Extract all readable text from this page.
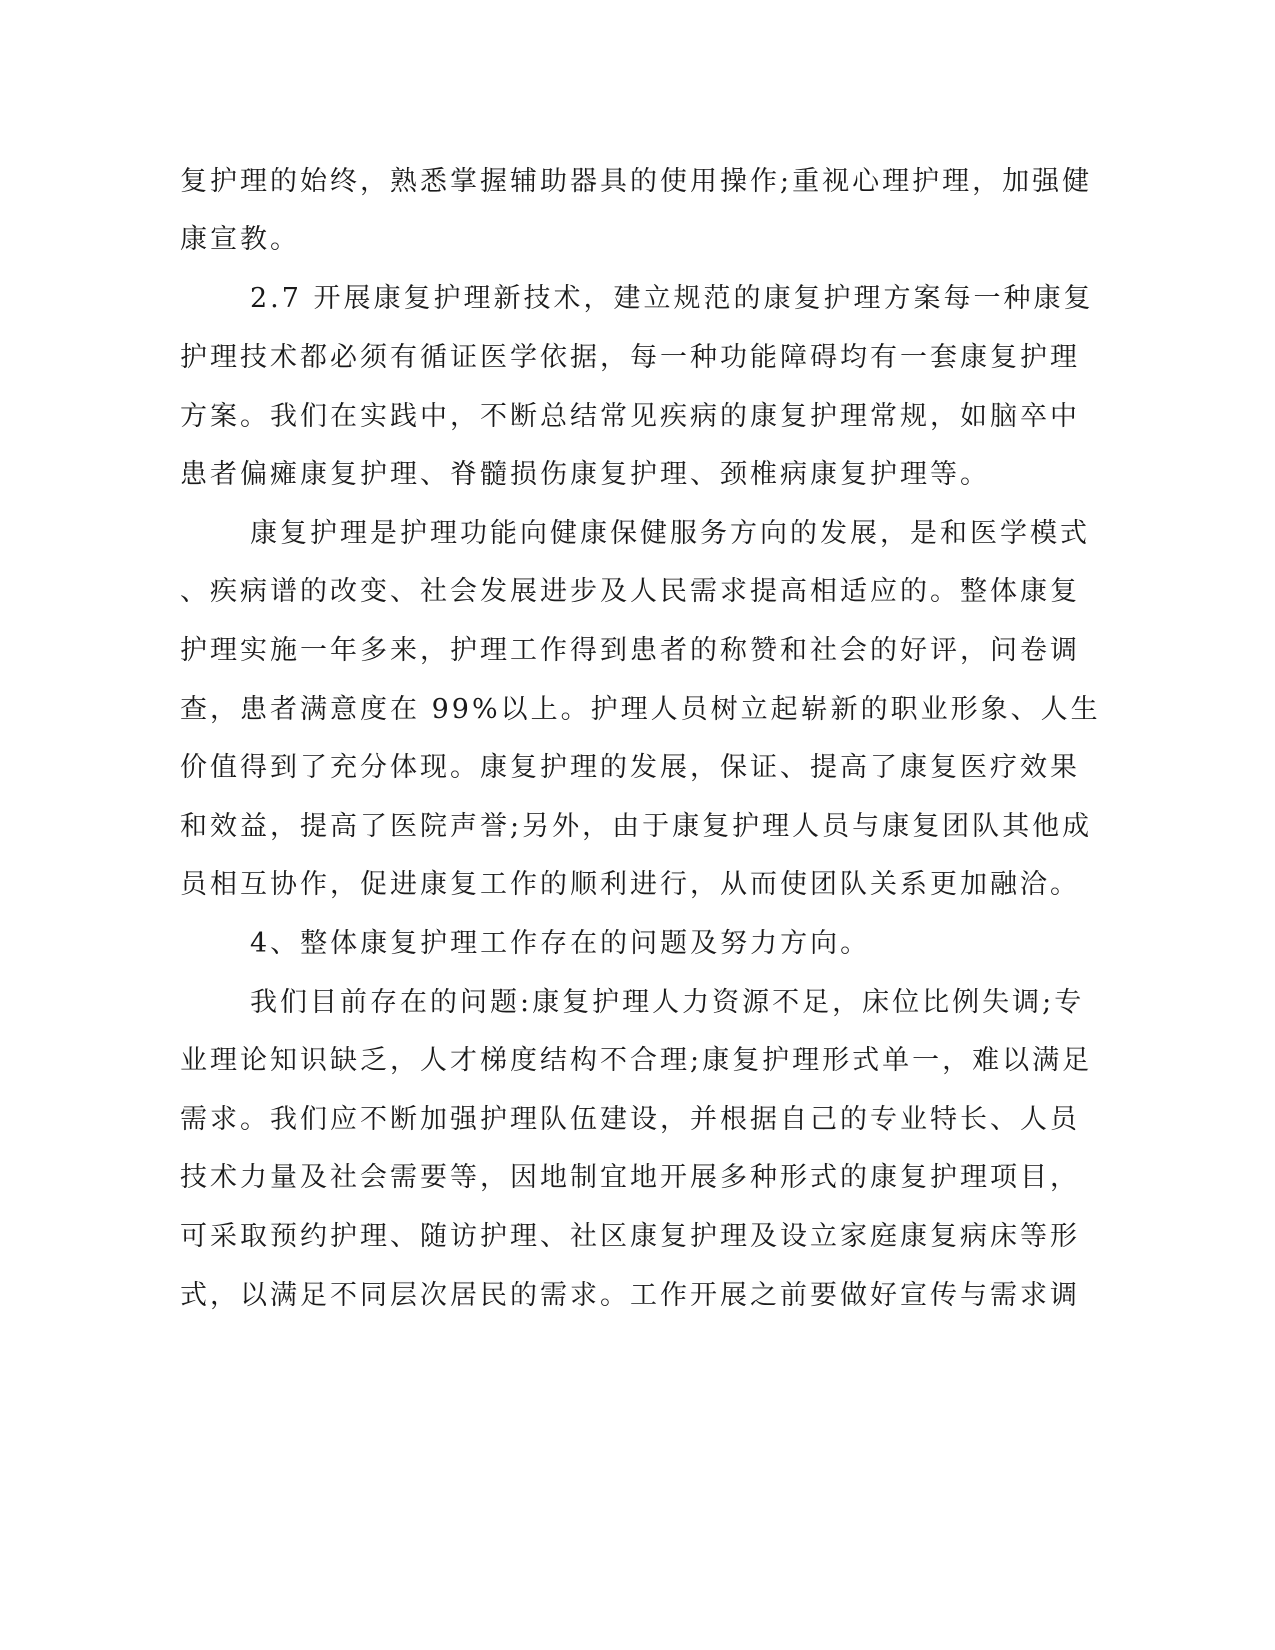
复护理的始终，熟悉掌握辅助器具的使用操作;重视心理护理，加强健
康宣教。
2.7 开展康复护理新技术，建立规范的康复护理方案每一种康复
护理技术都必须有循证医学依据，每一种功能障碍均有一套康复护理
方案。我们在实践中，不断总结常见疾病的康复护理常规，如脑卒中
患者偏瘫康复护理、脊髓损伤康复护理、颈椎病康复护理等。
康复护理是护理功能向健康保健服务方向的发展，是和医学模式
、疾病谱的改变、社会发展进步及人民需求提高相适应的。整体康复
护理实施一年多来，护理工作得到患者的称赞和社会的好评，问卷调
查，患者满意度在 99%以上。护理人员树立起崭新的职业形象、人生
价值得到了充分体现。康复护理的发展，保证、提高了康复医疗效果
和效益，提高了医院声誉;另外，由于康复护理人员与康复团队其他成
员相互协作，促进康复工作的顺利进行，从而使团队关系更加融洽。
4、整体康复护理工作存在的问题及努力方向。
我们目前存在的问题:康复护理人力资源不足，床位比例失调;专
业理论知识缺乏，人才梯度结构不合理;康复护理形式单一，难以满足
需求。我们应不断加强护理队伍建设，并根据自己的专业特长、人员
技术力量及社会需要等，因地制宜地开展多种形式的康复护理项目，
可采取预约护理、随访护理、社区康复护理及设立家庭康复病床等形
式，以满足不同层次居民的需求。工作开展之前要做好宣传与需求调
